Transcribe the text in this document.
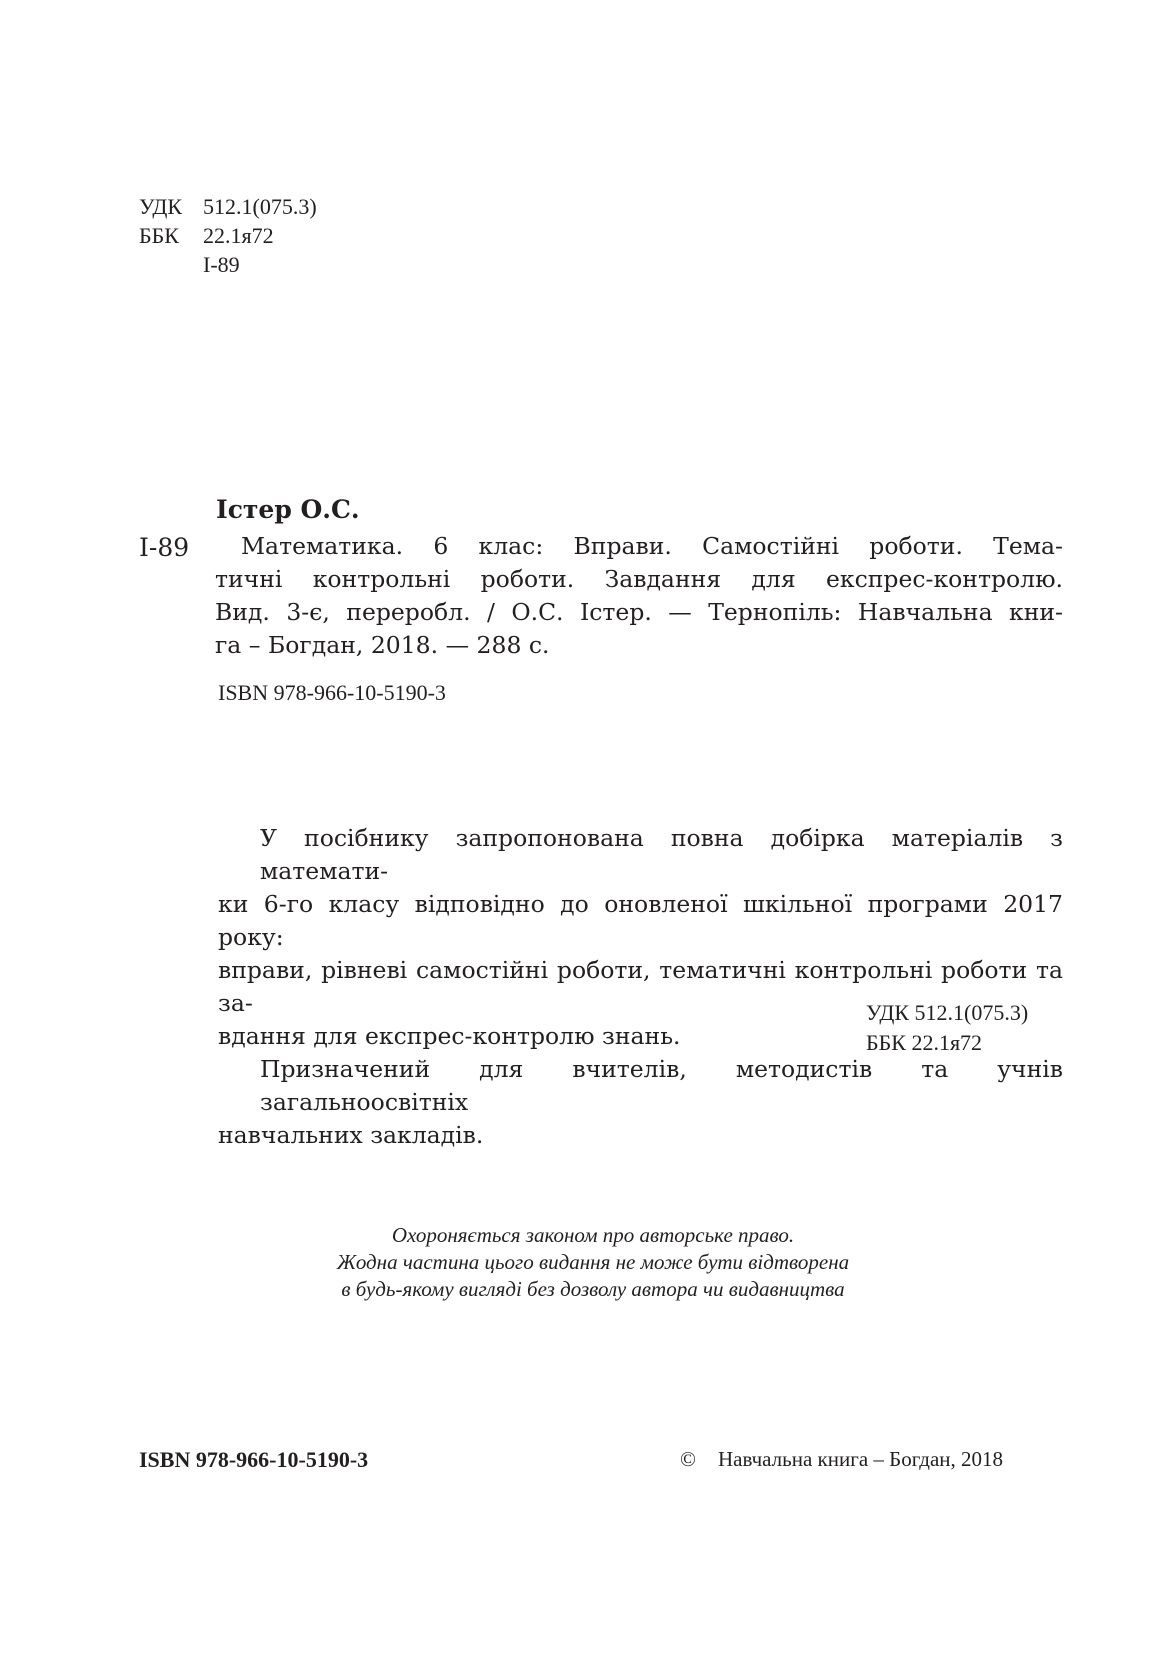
УДК 512.1(075.3)
ББК 22.1я72
І-89
Істер О.С.
І-89 Математика. 6 клас: Вправи. Самостійні роботи. Тема-
тичні контрольні роботи. Завдання для експрес-контролю.
Вид. 3-є, переробл. / О.С. Істер. — Тернопіль: Навчальна кни-
га – Богдан, 2018. — 288 с.
ISBN 978-966-10-5190-3
У посібнику запропонована повна добірка матеріалів з математи-
ки 6-го класу відповідно до оновленої шкільної програми 2017 року:
вправи, рівневі самостійні роботи, тематичні контрольні роботи та за-
вдання для експрес-контролю знань.
Призначений для вчителів, методистів та учнів загальноосвітніх
навчальних закладів.
УДК 512.1(075.3)
ББК 22.1я72
Охороняється законом про авторське право.
Жодна частина цього видання не може бути відтворена
в будь-якому вигляді без дозволу автора чи видавництва
ISBN 978-966-10-5190-3	© Навчальна книга – Богдан, 2018
